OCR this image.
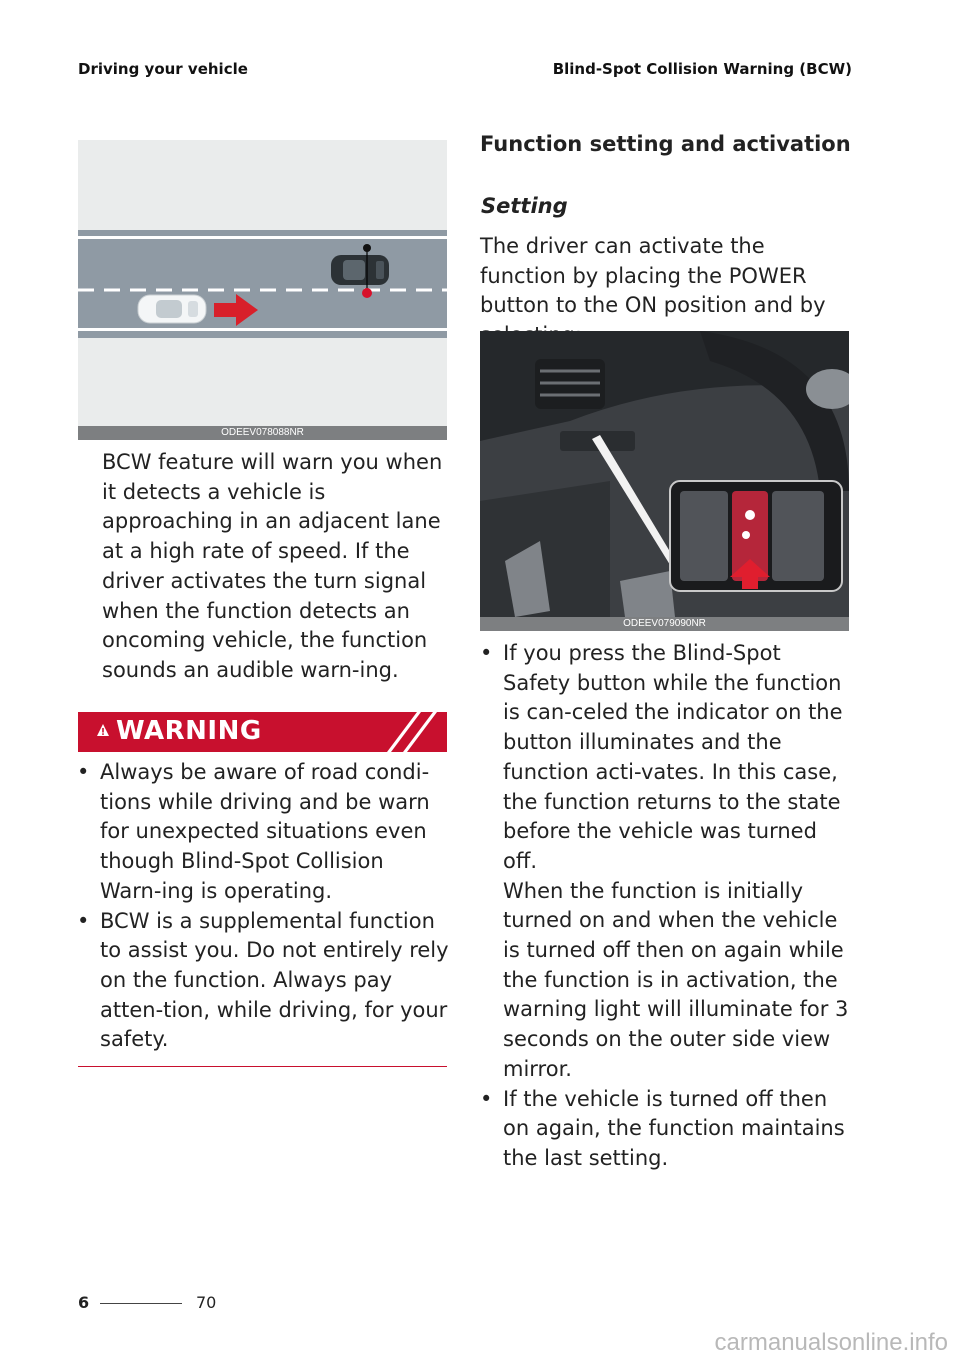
Driving your vehicle	Blind-Spot Collision Warning (BCW)
ODEEV078088NR
BCW feature will warn you when it detects a vehicle is approaching in an adjacent lane at a high rate of speed. If the driver activates the turn signal when the function detects an oncoming vehicle, the function sounds an audible warn-ing.
WARNING
• Always be aware of road condi-tions while driving and be warn for unexpected situations even though Blind-Spot Collision Warn-ing is operating.
• BCW is a supplemental function to assist you. Do not entirely rely on the function. Always pay atten-tion, while driving, for your safety.
Function setting and activation
Setting
The driver can activate the function by placing the POWER button to the ON position and by
ODEEV079090NR
• If you press the Blind-Spot Safety button while the function is can-celed the indicator on the button illuminates and the function acti-vates. In this case, the function returns to the state before the vehicle was turned off.
When the function is initially turned on and when the vehicle is turned off then on again while the function is in activation, the warning light will illuminate for 3 seconds on the outer side view mirror.
• If the vehicle is turned off then on again, the function maintains the last setting.
6	70
carmanualsonline.info
